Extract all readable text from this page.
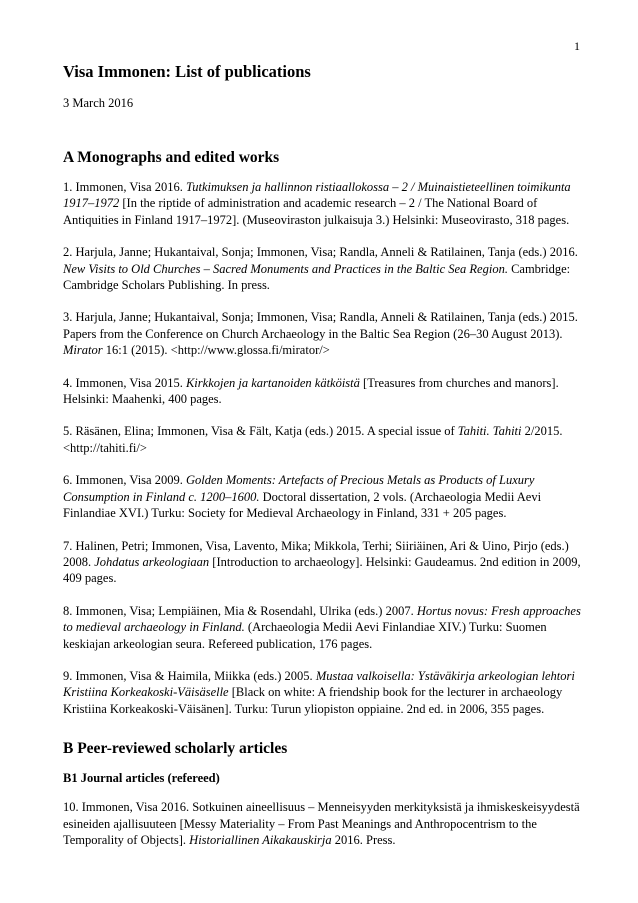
1
Visa Immonen: List of publications
3 March 2016
A Monographs and edited works

1. Immonen, Visa 2016. Tutkimuksen ja hallinnon ristiaallokossa – 2 / Muinaistieteellinen toimikunta 1917–1972 [In the riptide of administration and academic research – 2 / The National Board of Antiquities in Finland 1917–1972]. (Museoviraston julkaisuja 3.) Helsinki: Museovirasto, 318 pages.

2. Harjula, Janne; Hukantaival, Sonja; Immonen, Visa; Randla, Anneli & Ratilainen, Tanja (eds.) 2016. New Visits to Old Churches – Sacred Monuments and Practices in the Baltic Sea Region. Cambridge: Cambridge Scholars Publishing. In press.

3. Harjula, Janne; Hukantaival, Sonja; Immonen, Visa; Randla, Anneli & Ratilainen, Tanja (eds.) 2015. Papers from the Conference on Church Archaeology in the Baltic Sea Region (26–30 August 2013). Mirator 16:1 (2015). <http://www.glossa.fi/mirator/>

4. Immonen, Visa 2015. Kirkkojen ja kartanoiden kätköistä [Treasures from churches and manors]. Helsinki: Maahenki, 400 pages.

5. Räsänen, Elina; Immonen, Visa & Fält, Katja (eds.) 2015. A special issue of Tahiti. Tahiti 2/2015. <http://tahiti.fi/>

6. Immonen, Visa 2009. Golden Moments: Artefacts of Precious Metals as Products of Luxury Consumption in Finland c. 1200–1600. Doctoral dissertation, 2 vols. (Archaeologia Medii Aevi Finlandiae XVI.) Turku: Society for Medieval Archaeology in Finland, 331 + 205 pages.

7. Halinen, Petri; Immonen, Visa, Lavento, Mika; Mikkola, Terhi; Siiriäinen, Ari & Uino, Pirjo (eds.) 2008. Johdatus arkeologiaan [Introduction to archaeology]. Helsinki: Gaudeamus. 2nd edition in 2009, 409 pages.

8. Immonen, Visa; Lempiäinen, Mia & Rosendahl, Ulrika (eds.) 2007. Hortus novus: Fresh approaches to medieval archaeology in Finland. (Archaeologia Medii Aevi Finlandiae XIV.) Turku: Suomen keskiajan arkeologian seura. Refereed publication, 176 pages.

9. Immonen, Visa & Haimila, Miikka (eds.) 2005. Mustaa valkoisella: Ystäväkirja arkeologian lehtori Kristiina Korkeakoski-Väisäselle [Black on white: A friendship book for the lecturer in archaeology Kristiina Korkeakoski-Väisänen]. Turku: Turun yliopiston oppiaine. 2nd ed. in 2006, 355 pages.

B Peer-reviewed scholarly articles
B1 Journal articles (refereed)

10. Immonen, Visa 2016. Sotkuinen aineellisuus – Menneisyyden merkityksistä ja ihmiskeskeisyydestä esineiden ajallisuuteen [Messy Materiality – From Past Meanings and Anthropocentrism to the Temporality of Objects]. Historiallinen Aikakauskirja 2016. Press.
